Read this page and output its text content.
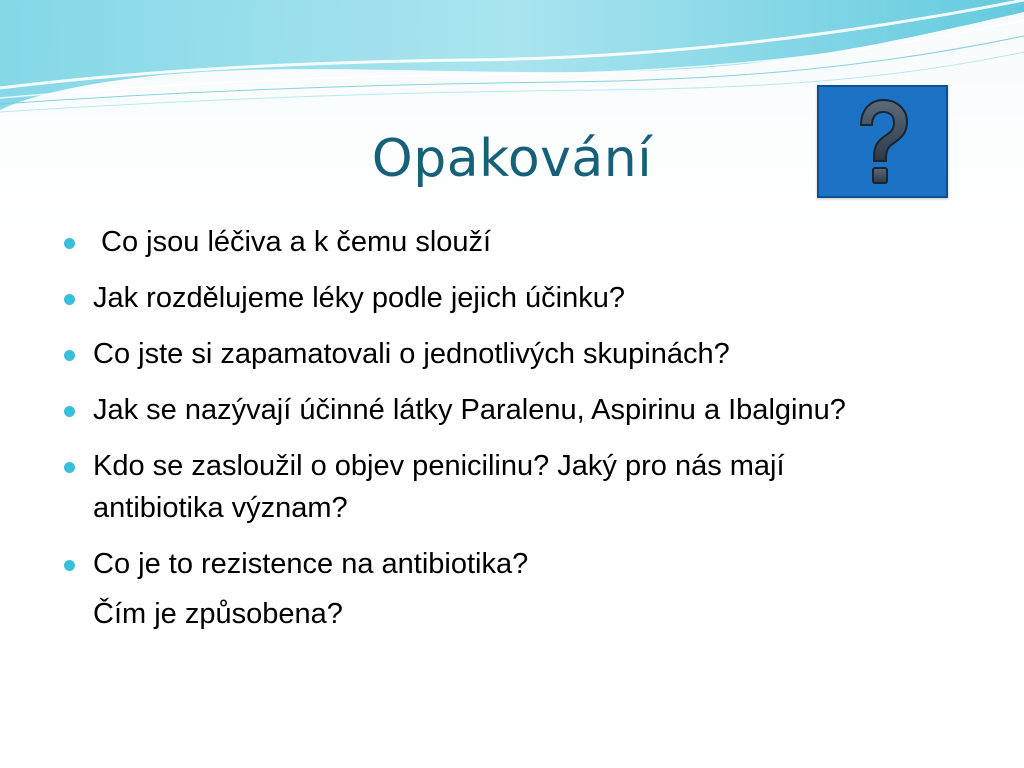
Opakování
Co jsou léčiva a k čemu slouží
Jak rozdělujeme léky podle jejich účinku?
Co jste si zapamatovali o jednotlivých skupinách?
Jak se nazývají účinné látky Paralenu, Aspirinu a Ibalginu?
Kdo se zasloužil o objev penicilinu? Jaký pro nás mají antibiotika význam?
Co je to rezistence na antibiotika?
Čím je způsobena?
